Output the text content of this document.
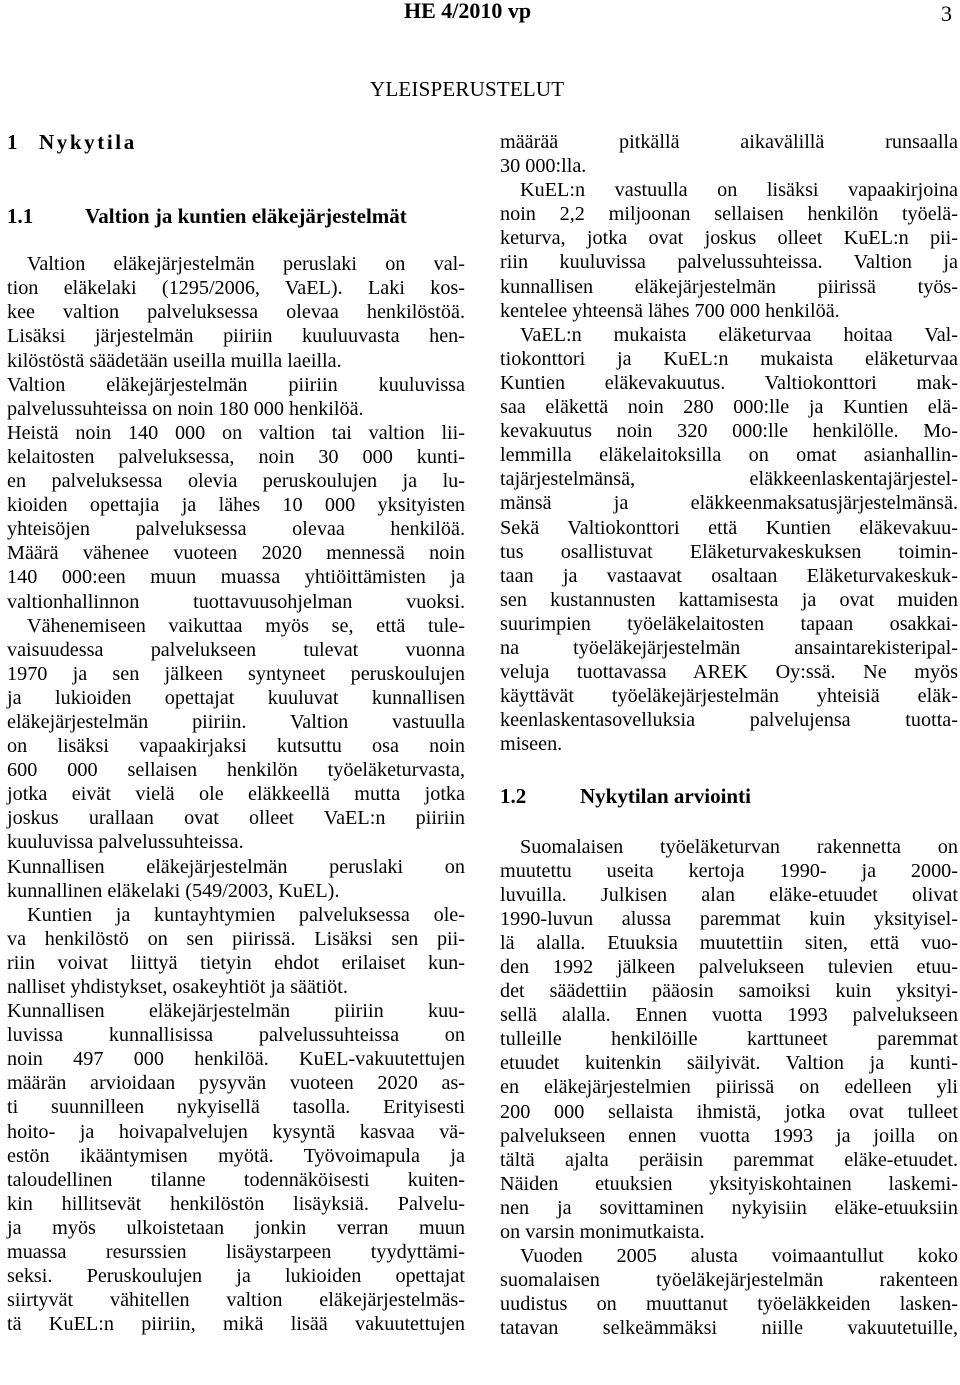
HE 4/2010 vp	3
YLEISPERUSTELUT
1 Nykytila
1.1 Valtion ja kuntien eläkejärjestelmät
Valtion eläkejärjestelmän peruslaki on val-
tion eläkelaki (1295/2006, VaEL). Laki kos-
kee valtion palveluksessa olevaa henkilöstöä.
Lisäksi järjestelmän piiriin kuuluuvasta hen-
kilöstöstä säädetään useilla muilla laeilla.
Valtion eläkejärjestelmän piiriin kuuluvissa
palvelussuhteissa on noin 180 000 henkilöä.
Heistä noin 140 000 on valtion tai valtion lii-
kelaitosten palveluksessa, noin 30 000 kunti-
en palveluksessa olevia peruskoulujen ja lu-
kioiden opettajia ja lähes 10 000 yksityisten
yhteisöjen palveluksessa olevaa henkilöä.
Määrä vähenee vuoteen 2020 mennessä noin
140 000:een muun muassa yhtiöittämisten ja
valtionhallinnon tuottavuusohjelman vuoksi.
Vähenemiseen vaikuttaa myös se, että tule-
vaisuudessa palvelukseen tulevat vuonna
1970 ja sen jälkeen syntyneet peruskoulujen
ja lukioiden opettajat kuuluvat kunnallisen
eläkejärjestelmän piiriin. Valtion vastuulla
on lisäksi vapaakirjaksi kutsuttu osa noin
600 000 sellaisen henkilön työeläketurvasta,
jotka eivät vielä ole eläkkeellä mutta jotka
joskus urallaan ovat olleet VaEL:n piiriin
kuuluvissa palvelussuhteissa.
Kunnallisen eläkejärjestelmän peruslaki on
kunnallinen eläkelaki (549/2003, KuEL).
Kuntien ja kuntayhtymien palveluksessa ole-
va henkilöstö on sen piirissä. Lisäksi sen pii-
riin voivat liittyä tietyin ehdot erilaiset kun-
nalliset yhdistykset, osakeyhtiöt ja säätiöt.
Kunnallisen eläkejärjestelmän piiriin kuu-
luvissa kunnallisissa palvelussuhteissa on
noin 497 000 henkilöä. KuEL-vakuutettujen
määrän arvioidaan pysyvän vuoteen 2020 as-
ti suunnilleen nykyisellä tasolla. Erityisesti
hoito- ja hoivapalvelujen kysyntä kasvaa vä-
estön ikääntymisen myötä. Työvoimapula ja
taloudellinen tilanne todennäköisesti kuiten-
kin hillitsevät henkilöstön lisäyksiä. Palvelu-
ja myös ulkoistetaan jonkin verran muun
muassa resurssien lisäystarpeen tyydyttämi-
seksi. Peruskoulujen ja lukioiden opettajat
siirtyvät vähitellen valtion eläkejärjestelmäs-
tä KuEL:n piiriin, mikä lisää vakuutettujen
määrää pitkällä aikavälillä runsaalla
30 000:lla.
KuEL:n vastuulla on lisäksi vapaakirjoina
noin 2,2 miljoonan sellaisen henkilön työelä-
keturva, jotka ovat joskus olleet KuEL:n pii-
riin kuuluvissa palvelussuhteissa. Valtion ja
kunnallisen eläkejärjestelmän piirissä työs-
kentelee yhteensä lähes 700 000 henkilöä.
VaEL:n mukaista eläketurvaa hoitaa Val-
tiokonttori ja KuEL:n mukaista eläketurvaa
Kuntien eläkevakuutus. Valtiokonttori mak-
saa eläkettä noin 280 000:lle ja Kuntien elä-
kevakuutus noin 320 000:lle henkilölle. Mo-
lemmilla eläkelaitoksilla on omat asianhallin-
tajärjestelmänsä, eläkkeenlaskentajärjestel-
mänsä ja eläkkeenmaksatusjärjestelmänsä.
Sekä Valtiokonttori että Kuntien eläkevakuu-
tus osallistuvat Eläketurvakeskuksen toimin-
taan ja vastaavat osaltaan Eläketurvakeskuk-
sen kustannusten kattamisesta ja ovat muiden
suurimpien työeläkelaitosten tapaan osakkai-
na työeläkejärjestelmän ansaintarekisteripal-
veluja tuottavassa AREK Oy:ssä. Ne myös
käyttävät työeläkejärjestelmän yhteisiä eläk-
keenlaskentasovelluksia palvelujensa tuotta-
miseen.
1.2	Nykytilan arviointi
Suomalaisen työeläketurvan rakennetta on
muutettu useita kertoja 1990- ja 2000-
luvuilla. Julkisen alan eläke-etuudet olivat
1990-luvun alussa paremmat kuin yksityisel-
lä alalla. Etuuksia muutettiin siten, että vuo-
den 1992 jälkeen palvelukseen tulevien etuu-
det säädettiin pääosin samoiksi kuin yksityi-
sellä alalla. Ennen vuotta 1993 palvelukseen
tulleille henkilöille karttuneet paremmat
etuudet kuitenkin säilyivät. Valtion ja kunti-
en eläkejärjestelmien piirissä on edelleen yli
200 000 sellaista ihmistä, jotka ovat tulleet
palvelukseen ennen vuotta 1993 ja joilla on
tältä ajalta peräisin paremmat eläke-etuudet.
Näiden etuuksien yksityiskohtainen laskemi-
nen ja sovittaminen nykyisiin eläke-etuuksiin
on varsin monimutkaista.
Vuoden 2005 alusta voimaantullut koko
suomalaisen työeläkejärjestelmän rakenteen
uudistus on muuttanut työeläkkeiden lasken-
tatavan selkeämmäksi niille vakuutetuille,
